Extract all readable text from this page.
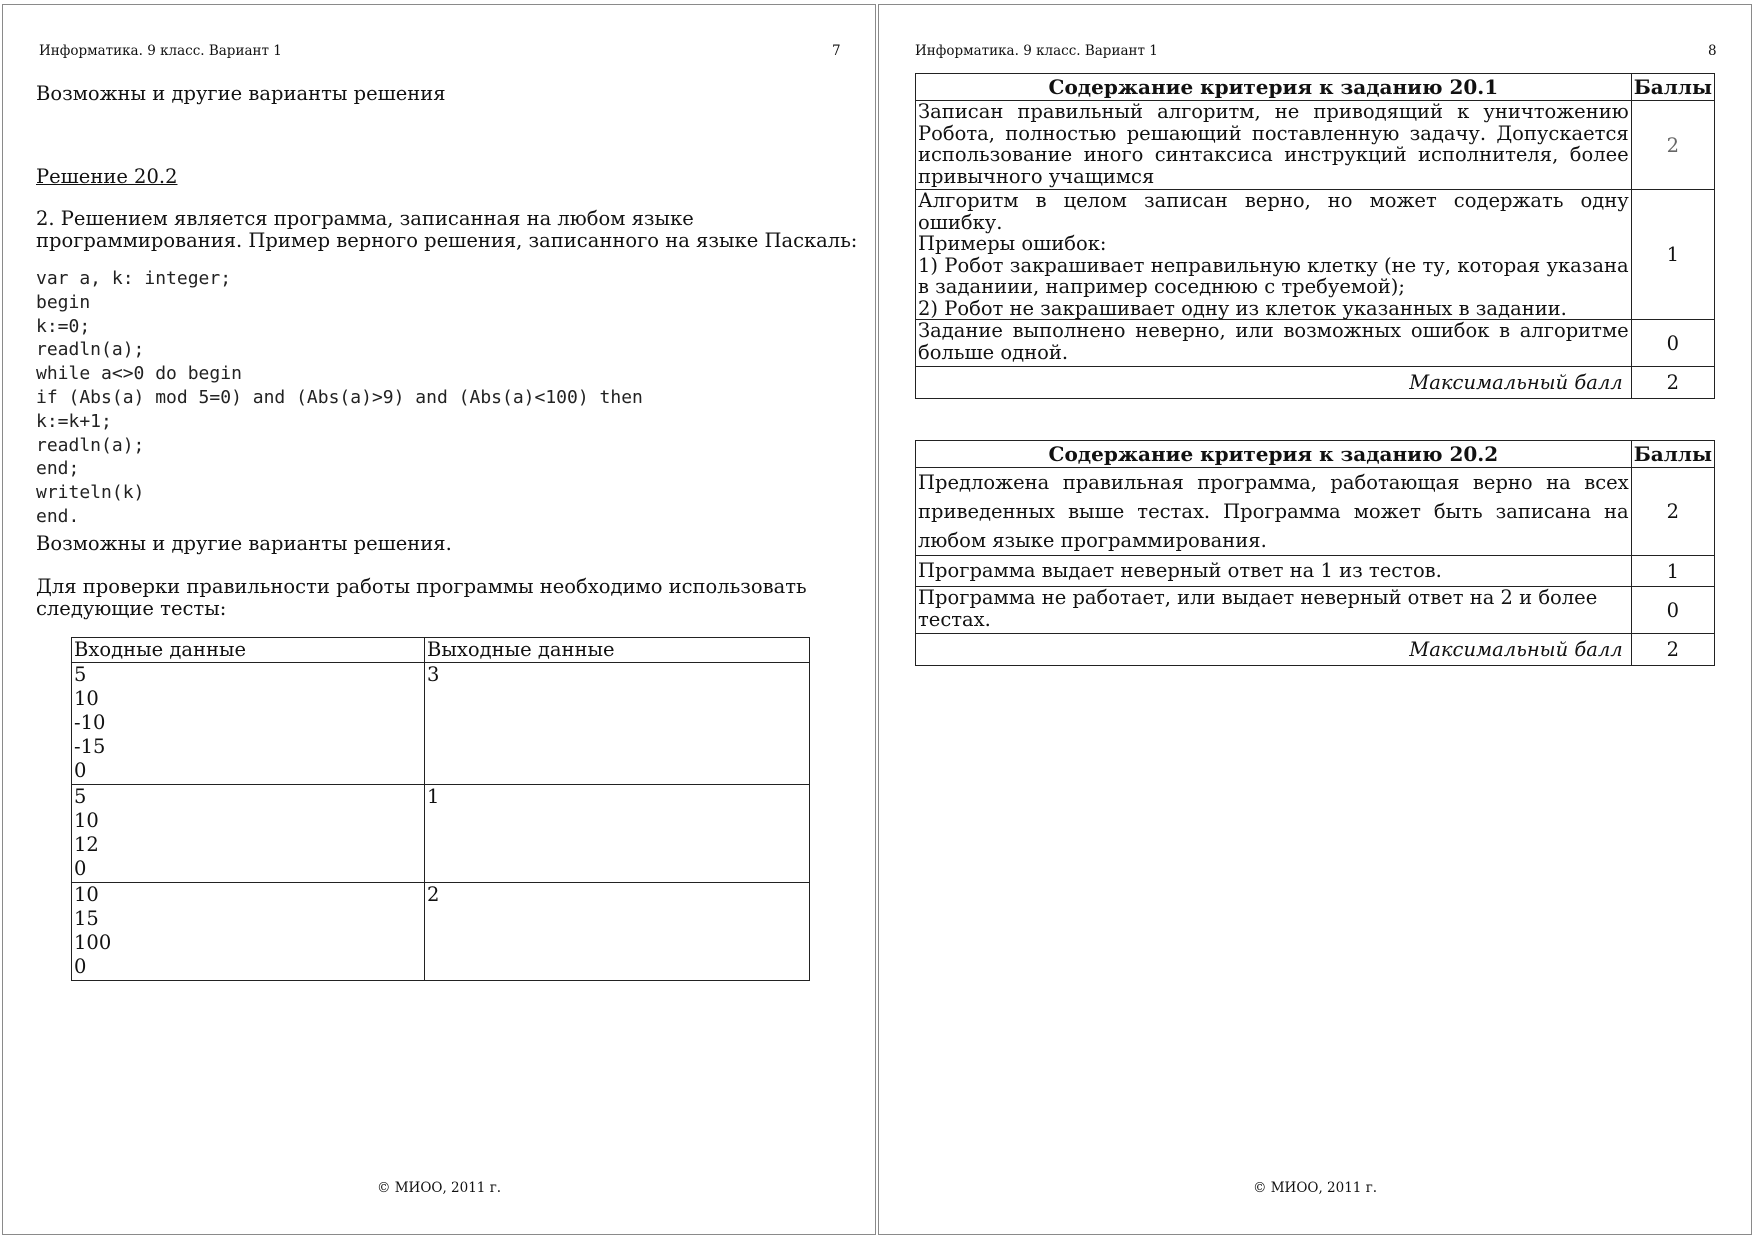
Информатика. 9 класс. Вариант 1	7
Возможны и другие варианты решения
Решение 20.2
2. Решением является программа, записанная на любом языке
программирования. Пример верного решения, записанного на языке Паскаль:
var a, k: integer;
begin
k:=0;
readln(a);
while a<>0 do begin
if (Abs(a) mod 5=0) and (Abs(a)>9) and (Abs(a)<100) then
k:=k+1;
readln(a);
end;
writeln(k)
end.
Возможны и другие варианты решения.
Для проверки правильности работы программы необходимо использовать
следующие тесты:
Входные данные	Выходные данные

5
10
-10
-15
0	3

5
10
12
0	1

10
15
100
0	2
© МИОО, 2011 г.
Информатика. 9 класс. Вариант 1	8
Содержание критерия к заданию 20.1	Баллы
Записан правильный алгоритм, не приводящий к уничтожению Робота, полностью решающий поставленную задачу. Допускается использование иного синтаксиса инструкций исполнителя, более привычного учащимся	2

Алгоритм в целом записан верно, но может содержать одну ошибку.
Примеры ошибок:
1) Робот закрашивает неправильную клетку (не ту, которая указана в заданиии, например соседнюю с требуемой);
2) Робот не закрашивает одну из клеток указанных в задании.	1
Задание выполнено неверно, или возможных ошибок в алгоритме больше одной.	0
Максимальный балл	2
Содержание критерия к заданию 20.2	Баллы
Предложена правильная программа, работающая верно на всех приведенных выше тестах. Программа может быть записана на любом языке программирования.	2
Программа выдает неверный ответ на 1 из тестов.	1
Программа не работает, или выдает неверный ответ на 2 и более тестах.	0
Максимальный балл	2
© МИОО, 2011 г.
